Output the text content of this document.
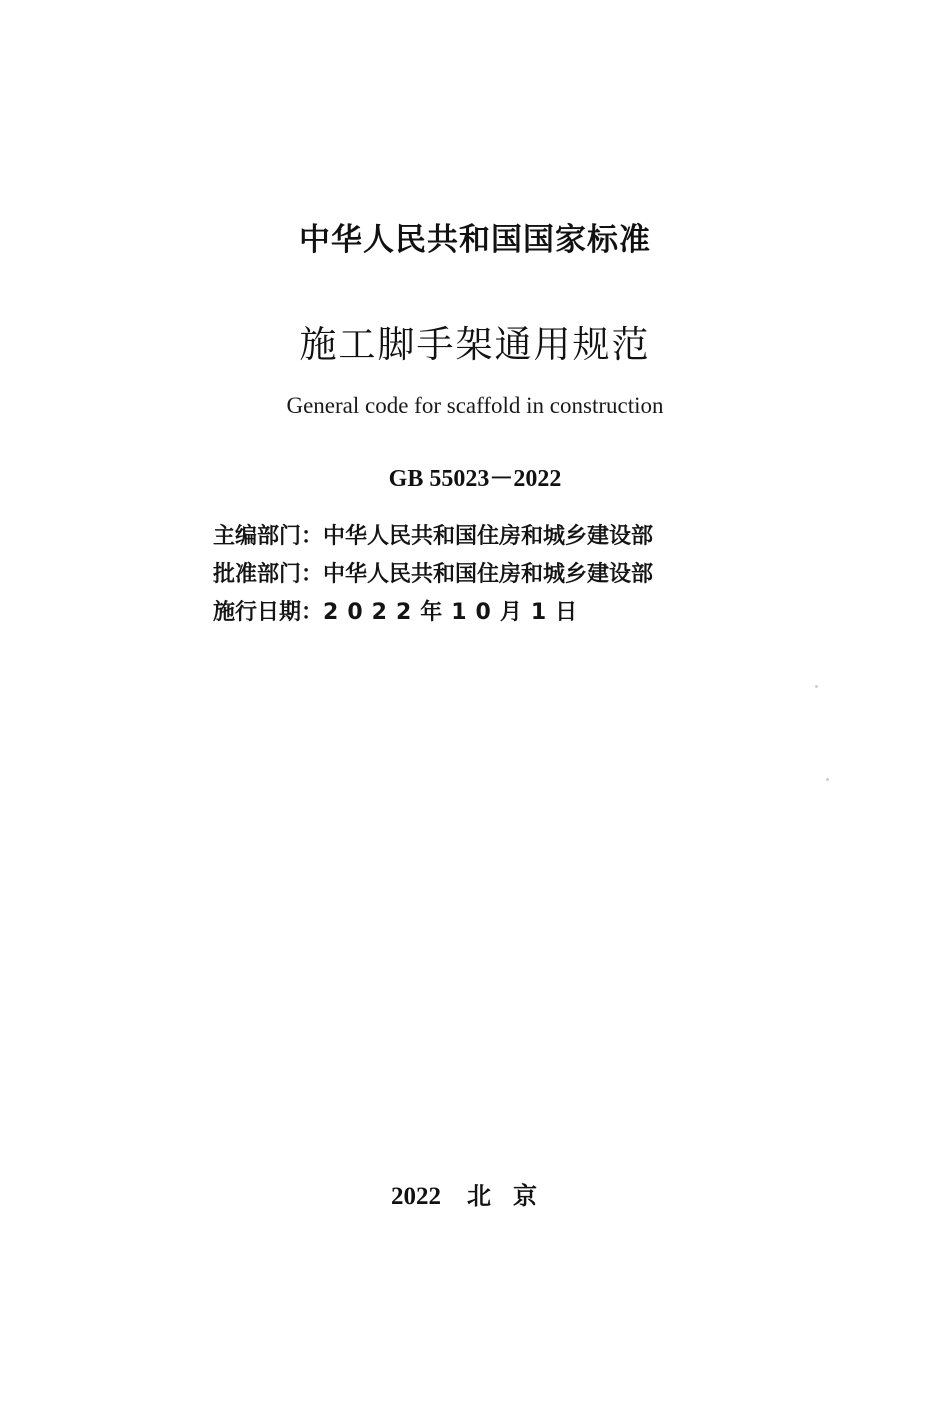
中华人民共和国国家标准
施工脚手架通用规范
General code for scaffold in construction
GB 55023－2022
主编部门：中华人民共和国住房和城乡建设部
批准部门：中华人民共和国住房和城乡建设部
施行日期：2022年10月1日
2022 北京
